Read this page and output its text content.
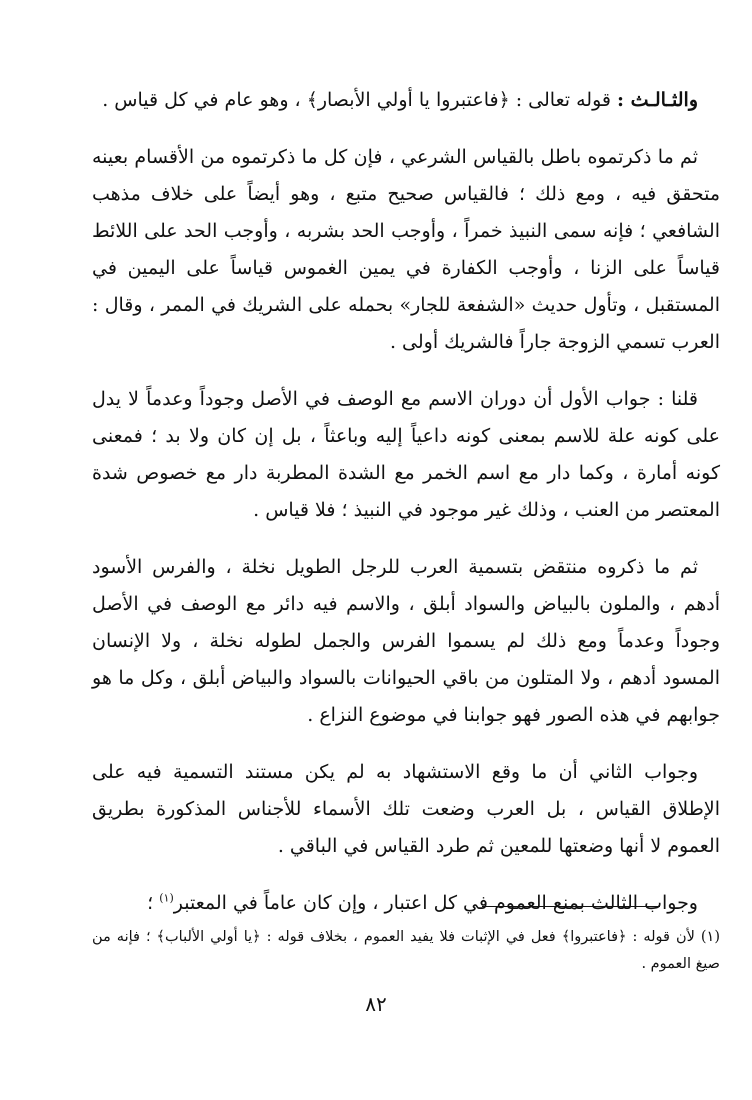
والثـالـث : قوله تعالى : ﴿فاعتبروا يا أولي الأبصار﴾ ، وهو عام في كل قياس .

ثم ما ذكرتموه باطل بالقياس الشرعي ، فإن كل ما ذكرتموه من الأقسام بعينه متحقق فيه ، ومع ذلك ؛ فالقياس صحيح متبع ، وهو أيضاً على خلاف مذهب الشافعي ؛ فإنه سمى النبيذ خمراً ، وأوجب الحد بشربه ، وأوجب الحد على اللائط قياساً على الزنا ، وأوجب الكفارة في يمين الغموس قياساً على اليمين في المستقبل ، وتأول حديث «الشفعة للجار» بحمله على الشريك في الممر ، وقال : العرب تسمي الزوجة جاراً فالشريك أولى .

قلنا : جواب الأول أن دوران الاسم مع الوصف في الأصل وجوداً وعدماً لا يدل على كونه علة للاسم بمعنى كونه داعياً إليه وباعثاً ، بل إن كان ولا بد ؛ فمعنى كونه أمارة ، وكما دار مع اسم الخمر مع الشدة المطربة دار مع خصوص شدة المعتصر من العنب ، وذلك غير موجود في النبيذ ؛ فلا قياس .

ثم ما ذكروه منتقض بتسمية العرب للرجل الطويل نخلة ، والفرس الأسود أدهم ، والملون بالبياض والسواد أبلق ، والاسم فيه دائر مع الوصف في الأصل وجوداً وعدماً ومع ذلك لم يسموا الفرس والجمل لطوله نخلة ، ولا الإنسان المسود أدهم ، ولا المتلون من باقي الحيوانات بالسواد والبياض أبلق ، وكل ما هو جوابهم في هذه الصور فهو جوابنا في موضوع النزاع .

وجواب الثاني أن ما وقع الاستشهاد به لم يكن مستند التسمية فيه على الإطلاق القياس ، بل العرب وضعت تلك الأسماء للأجناس المذكورة بطريق العموم لا أنها وضعتها للمعين ثم طرد القياس في الباقي .

وجواب الثالث بمنع العموم في كل اعتبار ، وإن كان عاماً في المعتبر$^{(١)}$ ؛

(١) لأن قوله : ﴿فاعتبروا﴾ فعل في الإثبات فلا يفيد العموم ، بخلاف قوله : ﴿يا أولي الألباب﴾ ؛ فإنه من صيغ العموم .
٨٢
